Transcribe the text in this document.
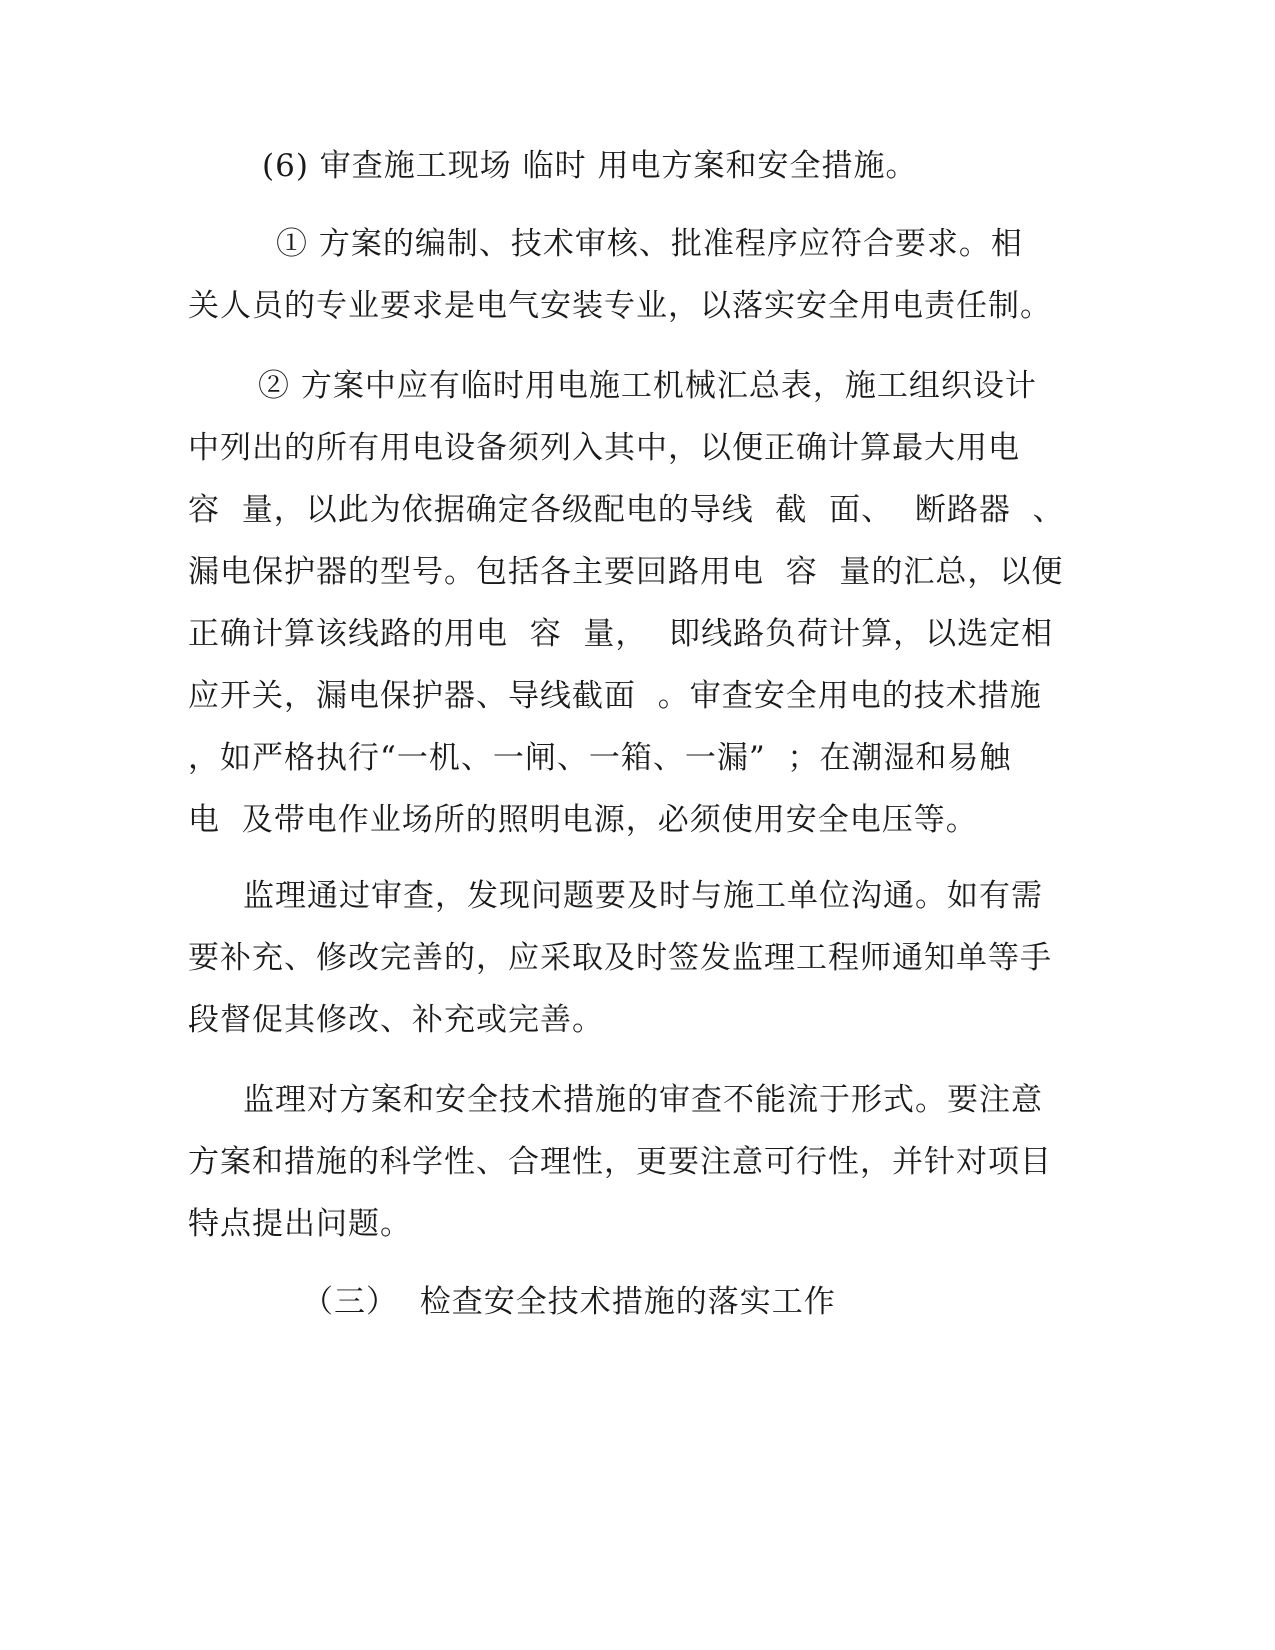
(6) 审查施工现场 临时 用电方案和安全措施。
① 方案的编制、技术审核、批准程序应符合要求。相
关人员的专业要求是电气安装专业，以落实安全用电责任制。
② 方案中应有临时用电施工机械汇总表，施工组织设计
中列出的所有用电设备须列入其中，以便正确计算最大用电
容  量，以此为依据确定各级配电的导线  截  面、  断路器  、
漏电保护器的型号。包括各主要回路用电  容  量的汇总，以便
正确计算该线路的用电  容  量，  即线路负荷计算，以选定相
应开关，漏电保护器、导线截面  。审查安全用电的技术措施
，如严格执行“一机、一闸、一箱、一漏”  ；在潮湿和易触
电  及带电作业场所的照明电源，必须使用安全电压等。
监理通过审查，发现问题要及时与施工单位沟通。如有需
要补充、修改完善的，应采取及时签发监理工程师通知单等手
段督促其修改、补充或完善。
监理对方案和安全技术措施的审查不能流于形式。要注意
方案和措施的科学性、合理性，更要注意可行性，并针对项目
特点提出问题。
（三）  检查安全技术措施的落实工作
